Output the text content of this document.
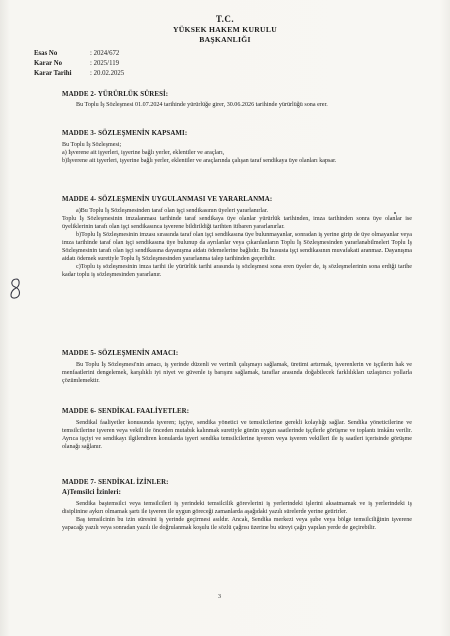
T.C.
YÜKSEK HAKEM KURULU
BAŞKANLIĞI
Esas No	: 2024/672
Karar No	: 2025/119
Karar Tarihi	: 20.02.2025
MADDE 2- YÜRÜRLÜK SÜRESİ:

Bu Toplu İş Sözleşmesi 01.07.2024 tarihinde yürürlüğe girer, 30.06.2026 tarihinde yürürlüğü sona erer.

MADDE 3- SÖZLEŞMENİN KAPSAMI:

Bu Toplu İş Sözleşmesi;

a) İşverene ait işyerleri, işyerine bağlı yerler, eklentiler ve araçları,

b)İşverene ait işyerleri, işyerine bağlı yerler, eklentiler ve araçlarında çalışan taraf sendikaya üye olanları kapsar.

MADDE 4- SÖZLEŞMENİN UYGULANMASI VE YARARLANMA:

a)Bu Toplu İş Sözleşmesinden taraf olan işçi sendikasının üyeleri yararlanırlar.

Toplu İş Sözleşmesinin imzalanması tarihinde taraf sendikaya üye olanlar yürürlük tarihinden, imza tarihinden sonra üye olanlar ise üyeliklerinin tarafı olan işçi sendikasınca işverene bildirildiği tarihten itibaren yararlanırlar.

b)Toplu İş Sözleşmesinin imzası sırasında taraf olan işçi sendikasına üye bulunmayanlar, sonradan iş yerine girip de üye olmayanlar veya imza tarihinde taraf olan işçi sendikasına üye bulunup da ayrılanlar veya çıkarılanların Toplu İş Sözleşmesinden yararlanabilmeleri Toplu İş Sözleşmesinin tarafı olan işçi sendikasına dayanışma aidatı ödemelerine bağlıdır. Bu hususta işçi sendikasının muvafakati aranmaz. Dayanışma aidatı ödemek suretiyle Toplu İş Sözleşmesinden yararlanma talep tarihinden geçerlidir.

c)Toplu iş sözleşmesinin imza tarihi ile yürürlük tarihi arasında iş sözleşmesi sona eren üyeler de, iş sözleşmelerinin sona erdiği tarihe kadar toplu iş sözleşmesinden yararlanır.

MADDE 5- SÖZLEŞMENİN AMACI:

Bu Toplu İş Sözleşmesi'nin amacı, iş yerinde düzenli ve verimli çalışmayı sağlamak, üretimi artırmak, işverenlerin ve işçilerin hak ve menfaatlerini dengelemek, karşılıklı iyi niyet ve güvenle iş barışını sağlamak, taraflar arasında doğabilecek farklılıkları uzlaştırıcı yollarla çözümlemektir.

MADDE 6- SENDİKAL FAALİYETLER:

Sendikal faaliyetler konusunda işveren; işçiye, sendika yönetici ve temsilcilerine gerekli kolaylığı sağlar. Sendika yöneticilerine ve temsilcilerine işveren veya vekili ile önceden mutabık kalınmak suretiyle günün uygun saatlerinde işçilerle görüşme ve toplantı imkânı verilir. Ayrıca işçiyi ve sendikayı ilgilendiren konularda işyeri sendika temsilcilerine işveren veya işveren vekilleri ile iş saatleri içerisinde görüşme olanağı sağlanır.

MADDE 7- SENDİKAL İZİNLER:
A)Temsilci İzinleri:

Sendika baştemsilci veya temsilcileri iş yerindeki temsilcilik görevlerini iş yerlerindeki işlerini aksatmamak ve iş yerlerindeki iş disiplinine aykırı olmamak şartı ile işveren ile uygun göreceği zamanlarda aşağıdaki yazılı sürelerde yerine getirirler.

Baş temsilcinin bu izin süresini iş yerinde geçirmesi asıldır. Ancak, Sendika merkezi veya şube veya bölge temsilciliğinin işverene yapacağı yazılı veya sonradan yazılı ile doğrulanmak koşulu ile sözlü çağrısı üzerine bu süreyi çağrı yapılan yerde de geçirebilir.

3
